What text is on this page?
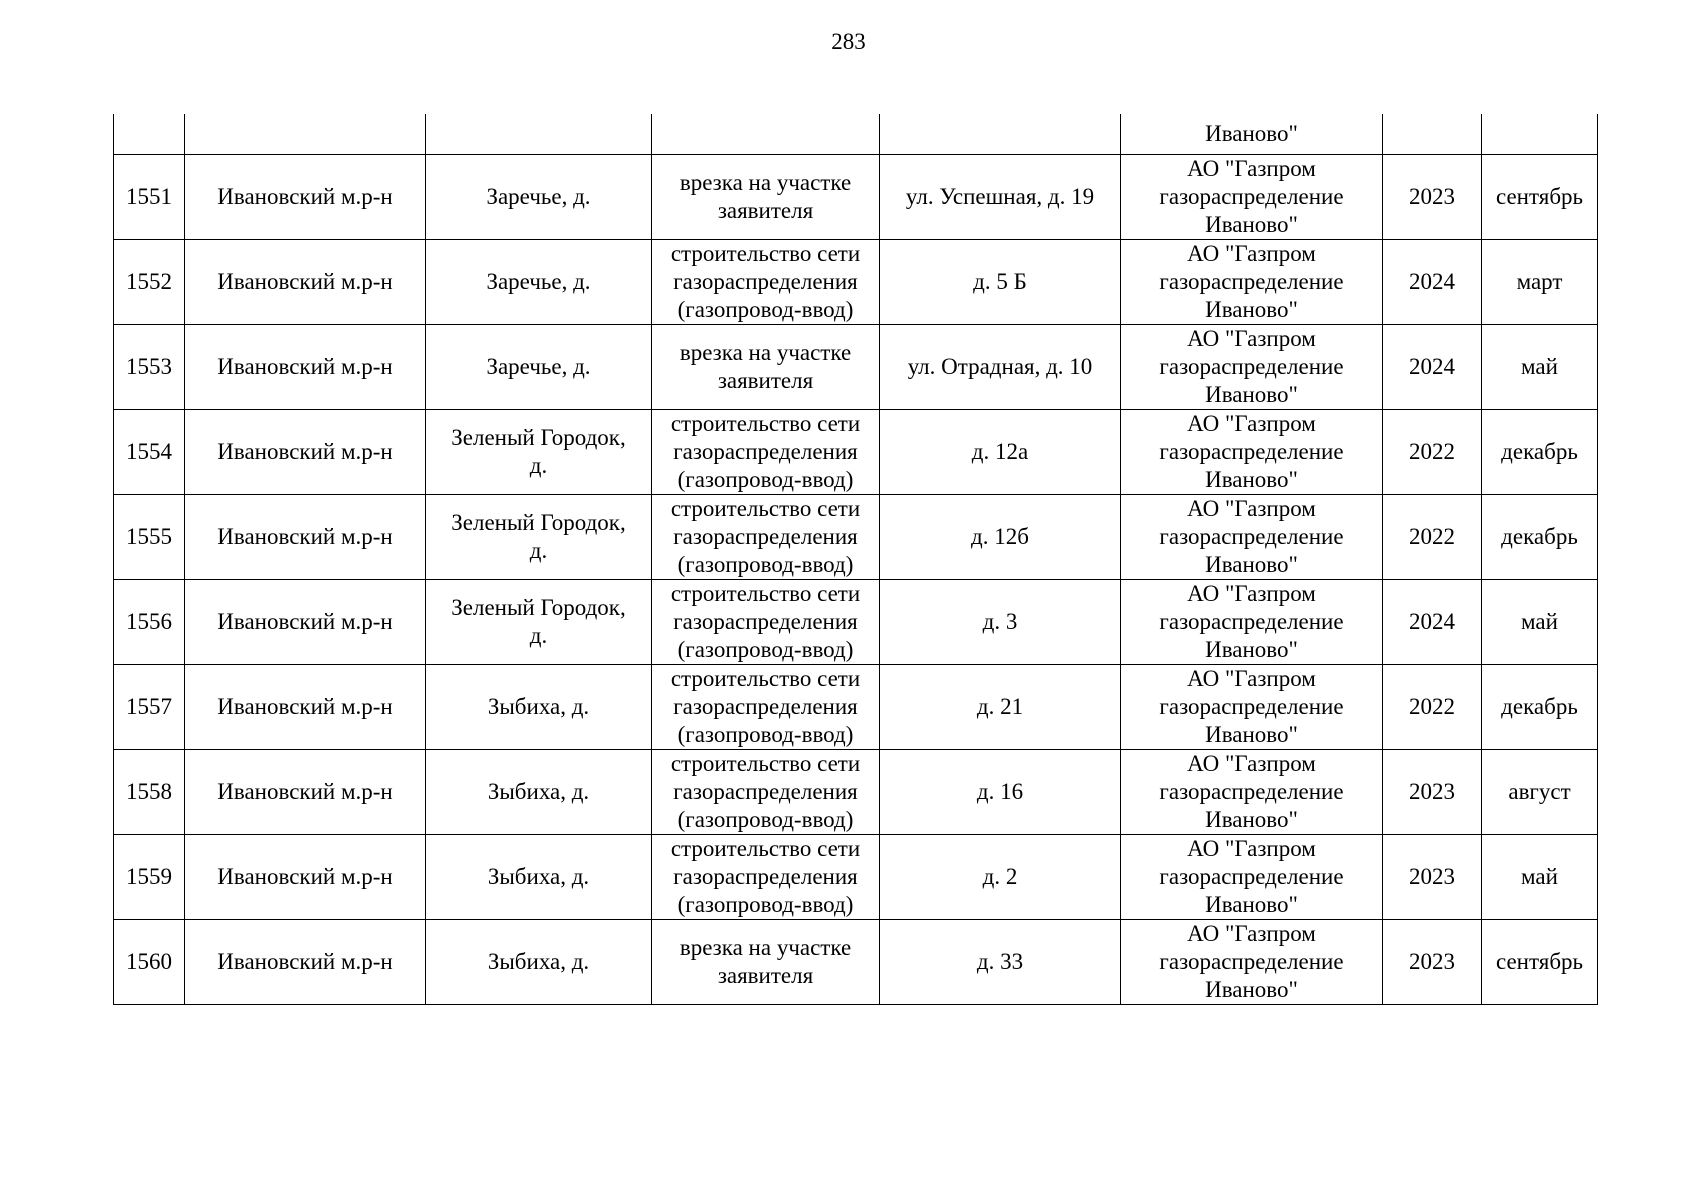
283
					Иваново"		
1551	Ивановский м.р-н	Заречье, д.	врезка на участке
заявителя	ул. Успешная, д. 19	АО "Газпром
газораспределение
Иваново"	2023	сентябрь
1552	Ивановский м.р-н	Заречье, д.	строительство сети
газораспределения
(газопровод-ввод)	д. 5 Б	АО "Газпром
газораспределение
Иваново"	2024	март
1553	Ивановский м.р-н	Заречье, д.	врезка на участке
заявителя	ул. Отрадная, д. 10	АО "Газпром
газораспределение
Иваново"	2024	май
1554	Ивановский м.р-н	Зеленый Городок,
д.	строительство сети
газораспределения
(газопровод-ввод)	д. 12а	АО "Газпром
газораспределение
Иваново"	2022	декабрь
1555	Ивановский м.р-н	Зеленый Городок,
д.	строительство сети
газораспределения
(газопровод-ввод)	д. 12б	АО "Газпром
газораспределение
Иваново"	2022	декабрь
1556	Ивановский м.р-н	Зеленый Городок,
д.	строительство сети
газораспределения
(газопровод-ввод)	д. 3	АО "Газпром
газораспределение
Иваново"	2024	май
1557	Ивановский м.р-н	Зыбиха, д.	строительство сети
газораспределения
(газопровод-ввод)	д. 21	АО "Газпром
газораспределение
Иваново"	2022	декабрь
1558	Ивановский м.р-н	Зыбиха, д.	строительство сети
газораспределения
(газопровод-ввод)	д. 16	АО "Газпром
газораспределение
Иваново"	2023	август
1559	Ивановский м.р-н	Зыбиха, д.	строительство сети
газораспределения
(газопровод-ввод)	д. 2	АО "Газпром
газораспределение
Иваново"	2023	май
1560	Ивановский м.р-н	Зыбиха, д.	врезка на участке
заявителя	д. 33	АО "Газпром
газораспределение
Иваново"	2023	сентябрь
